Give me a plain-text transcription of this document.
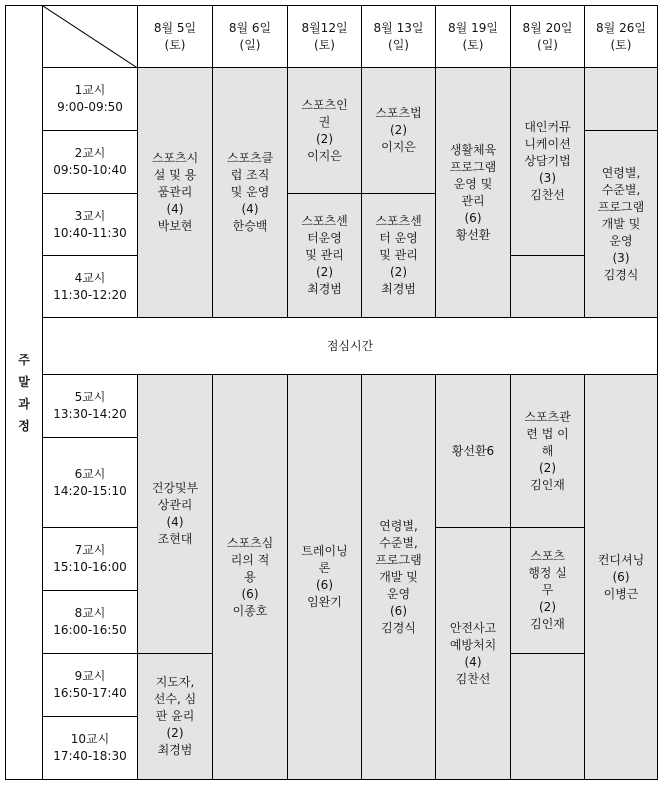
주
말
과
정
8월 5일
(토)
8월 6일
(일)
8월12일
(토)
8월 13일
(일)
8월 19일
(토)
8월 20일
(일)
8월 26일
(토)
1교시
9:00-09:50
2교시
09:50-10:40
3교시
10:40-11:30
4교시
11:30-12:20
스포츠시
설 및 용
품관리
(4)
박보현
스포츠클
럽 조직
및 운영
(4)
한승백
스포츠인
권
(2)
이지은
스포츠센
터운영
및 관리
(2)
최경범
스포츠법
(2)
이지은
스포츠센
터 운영
및 관리
(2)
최경범
생활체육
프로그램
운영 및
관리
(6)
황선환
대인커뮤
니케이션
상담기법
(3)
김찬선
연령별,
수준별,
프로그램
개발 및
운영
(3)
김경식
점심시간
5교시
13:30-14:20
6교시
14:20-15:10
7교시
15:10-16:00
8교시
16:00-16:50
9교시
16:50-17:40
10교시
17:40-18:30
건강및부
상관리
(4)
조현대
지도자,
선수, 심
판 윤리
(2)
최경범
스포츠심
리의 적
용
(6)
이종호
트레이닝
론
(6)
임완기
연령별,
수준별,
프로그램
개발 및
운영
(6)
김경식
황선환6
안전사고
예방처치
(4)
김찬선
스포츠관
련 법 이
해
(2)
김인재
스포츠
행정 실
무
(2)
김인재
컨디셔닝
(6)
이병근
